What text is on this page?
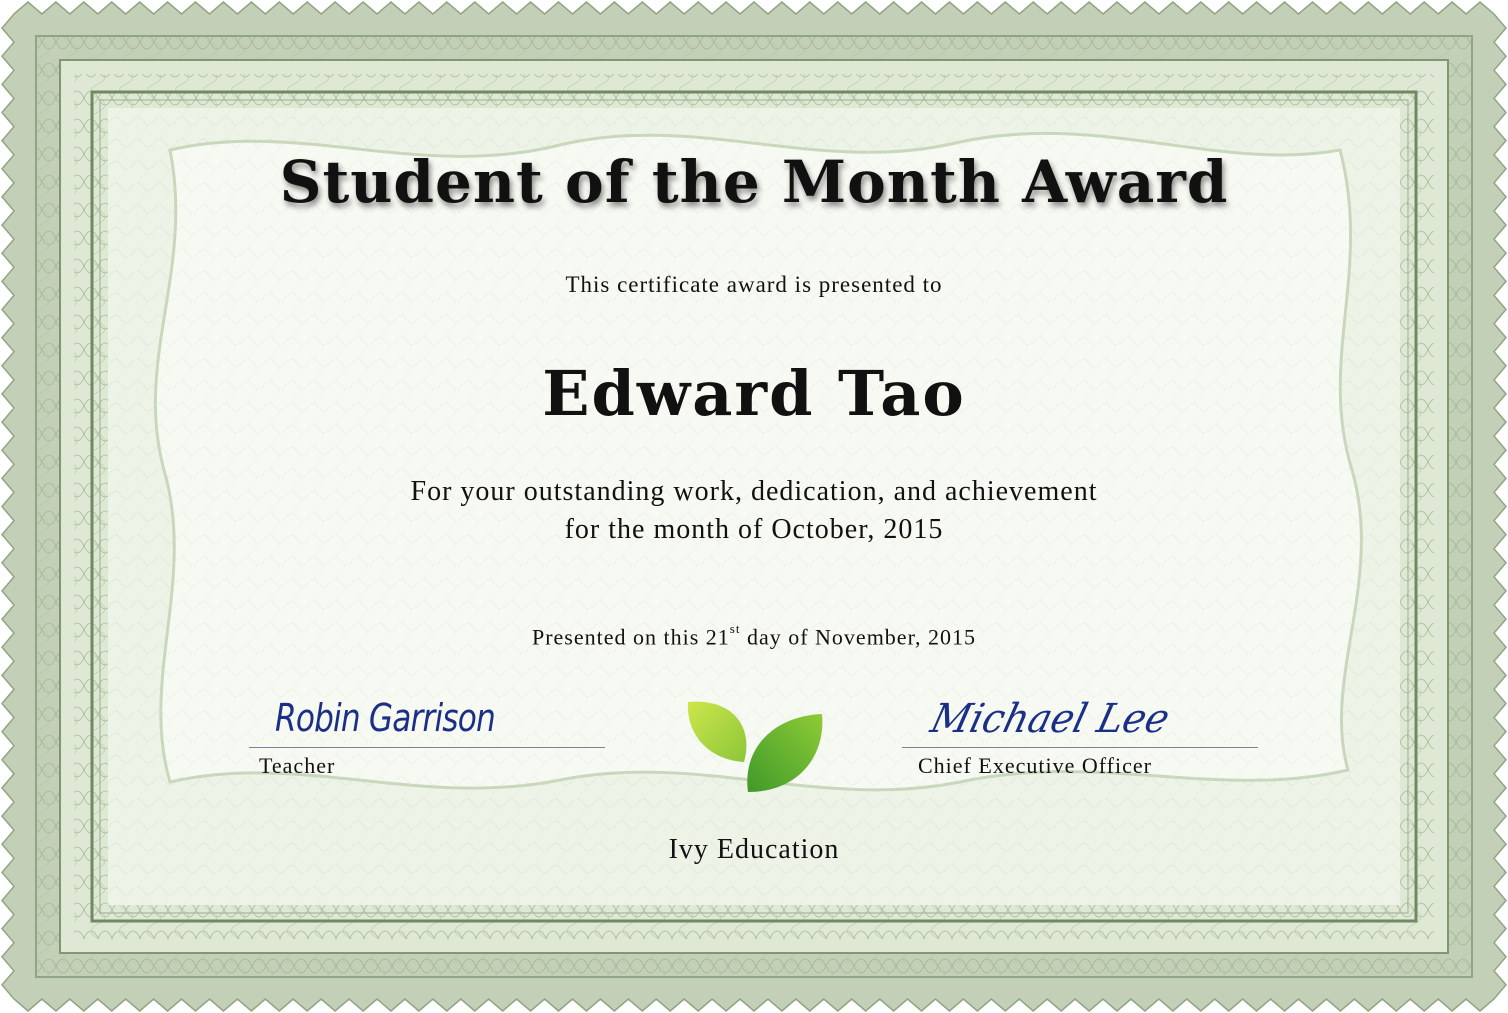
Student of the Month Award
This certificate award is presented to
Edward Tao
For your outstanding work, dedication, and achievement
for the month of October, 2015
Presented on this 21st day of November, 2015
Robin Garrison
Teacher
Michael Lee
Chief Executive Officer
Ivy Education
